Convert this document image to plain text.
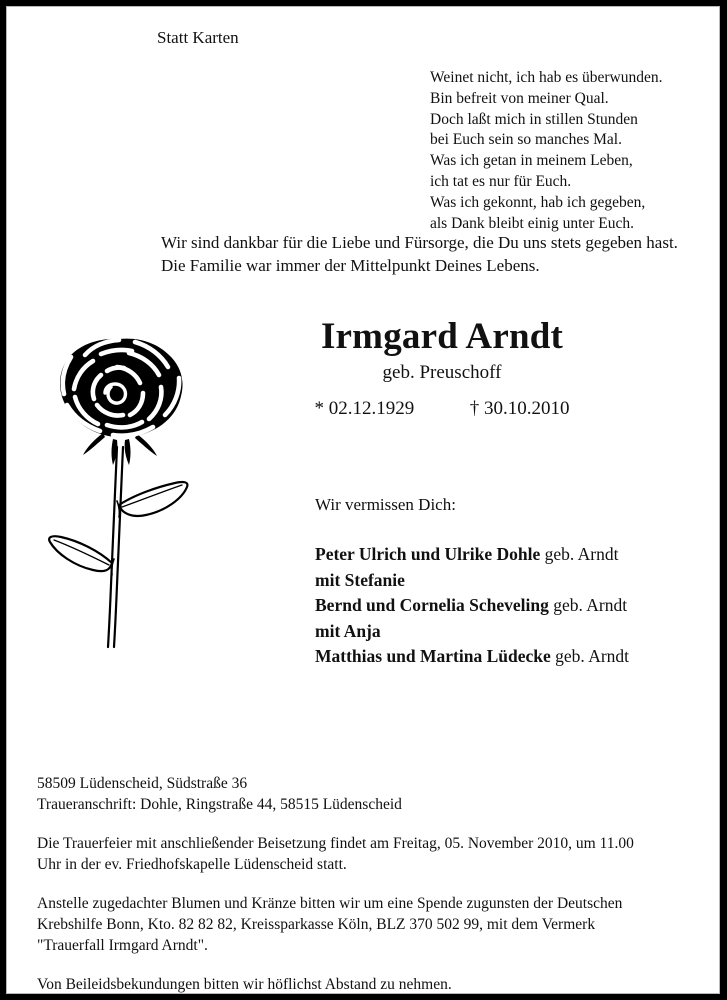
Statt Karten
Weinet nicht, ich hab es überwunden.
Bin befreit von meiner Qual.
Doch laßt mich in stillen Stunden
bei Euch sein so manches Mal.
Was ich getan in meinem Leben,
ich tat es nur für Euch.
Was ich gekonnt, hab ich gegeben,
als Dank bleibt einig unter Euch.
Wir sind dankbar für die Liebe und Fürsorge, die Du uns stets gegeben hast.
Die Familie war immer der Mittelpunkt Deines Lebens.
Irmgard Arndt
geb. Preuschoff
* 02.12.1929	† 30.10.2010
Wir vermissen Dich:
Peter Ulrich und Ulrike Dohle geb. Arndt
mit Stefanie
Bernd und Cornelia Scheveling geb. Arndt
mit Anja
Matthias und Martina Lüdecke geb. Arndt
58509 Lüdenscheid, Südstraße 36
Traueranschrift: Dohle, Ringstraße 44, 58515 Lüdenscheid
Die Trauerfeier mit anschließender Beisetzung findet am Freitag, 05. November 2010, um 11.00
Uhr in der ev. Friedhofskapelle Lüdenscheid statt.
Anstelle zugedachter Blumen und Kränze bitten wir um eine Spende zugunsten der Deutschen
Krebshilfe Bonn, Kto. 82 82 82, Kreissparkasse Köln, BLZ 370 502 99, mit dem Vermerk
"Trauerfall Irmgard Arndt".
Von Beileidsbekundungen bitten wir höflichst Abstand zu nehmen.
